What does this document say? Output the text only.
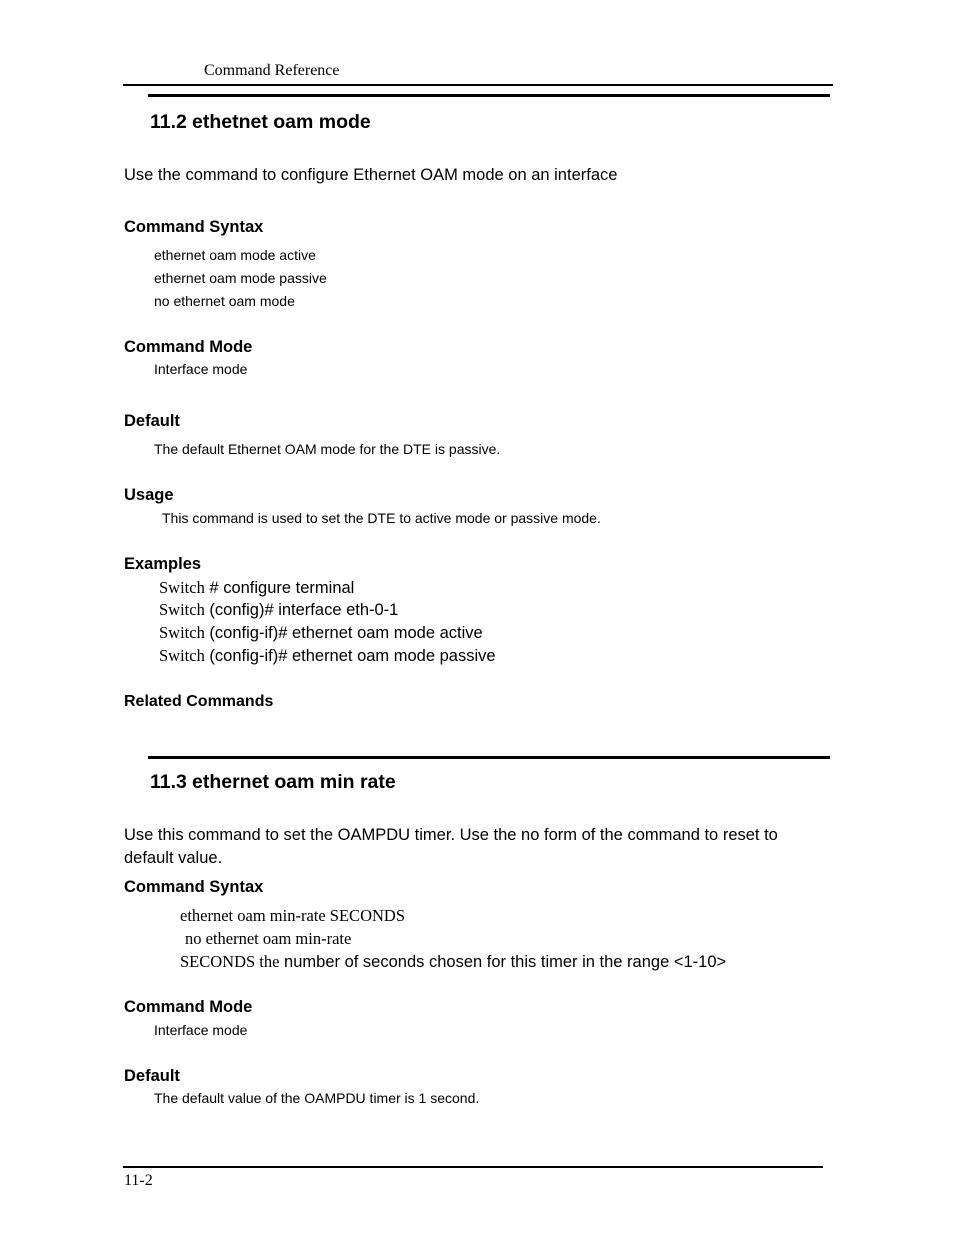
Command Reference
11.2 ethetnet oam mode
Use the command to configure Ethernet OAM mode on an interface
Command Syntax
ethernet oam mode active
ethernet oam mode passive
no ethernet oam mode
Command Mode
Interface mode
Default
The default Ethernet OAM mode for the DTE is passive.
Usage
This command is used to set the DTE to active mode or passive mode.
Examples
Switch # configure terminal
Switch (config)# interface eth-0-1
Switch (config-if)# ethernet oam mode active
Switch (config-if)# ethernet oam mode passive
Related Commands
11.3 ethernet oam min rate
Use this command to set the OAMPDU timer. Use the no form of the command to reset to
default value.
Command Syntax
ethernet oam min-rate SECONDS
no ethernet oam min-rate
SECONDS the number of seconds chosen for this timer in the range <1-10>
Command Mode
Interface mode
Default
The default value of the OAMPDU timer is 1 second.
11-2
